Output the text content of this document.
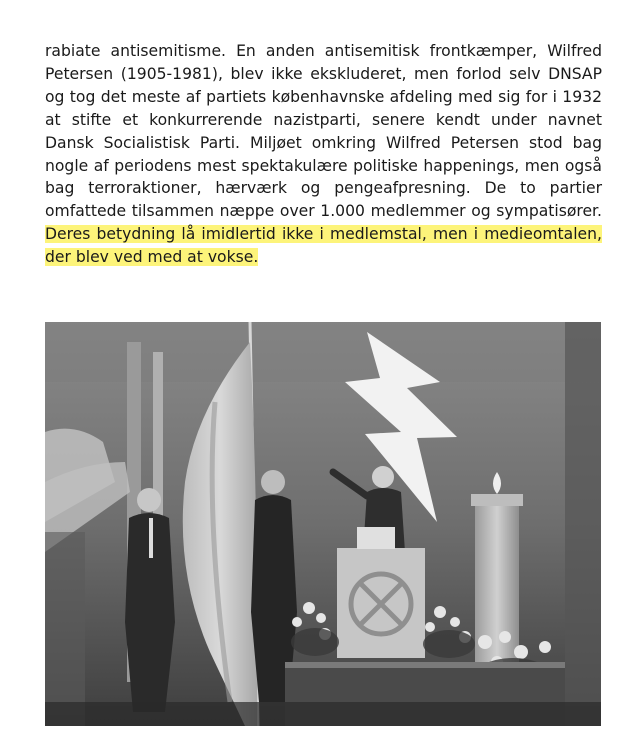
rabiate antisemitisme. En anden antisemitisk frontkæmper, Wilfred Petersen (1905-1981), blev ikke ekskluderet, men forlod selv DNSAP og tog det meste af partiets københavnske afdeling med sig for i 1932 at stifte et konkurrerende nazistparti, senere kendt under navnet Dansk Socialistisk Parti. Miljøet omkring Wilfred Petersen stod bag nogle af periodens mest spektakulære politiske happenings, men også bag terroraktioner, hærværk og pengeafpresning. De to partier omfattede tilsammen næppe over 1.000 medlemmer og sympatisører. Deres betydning lå imidlertid ikke i medlemstal, men i medieomtalen, der blev ved med at vokse.
